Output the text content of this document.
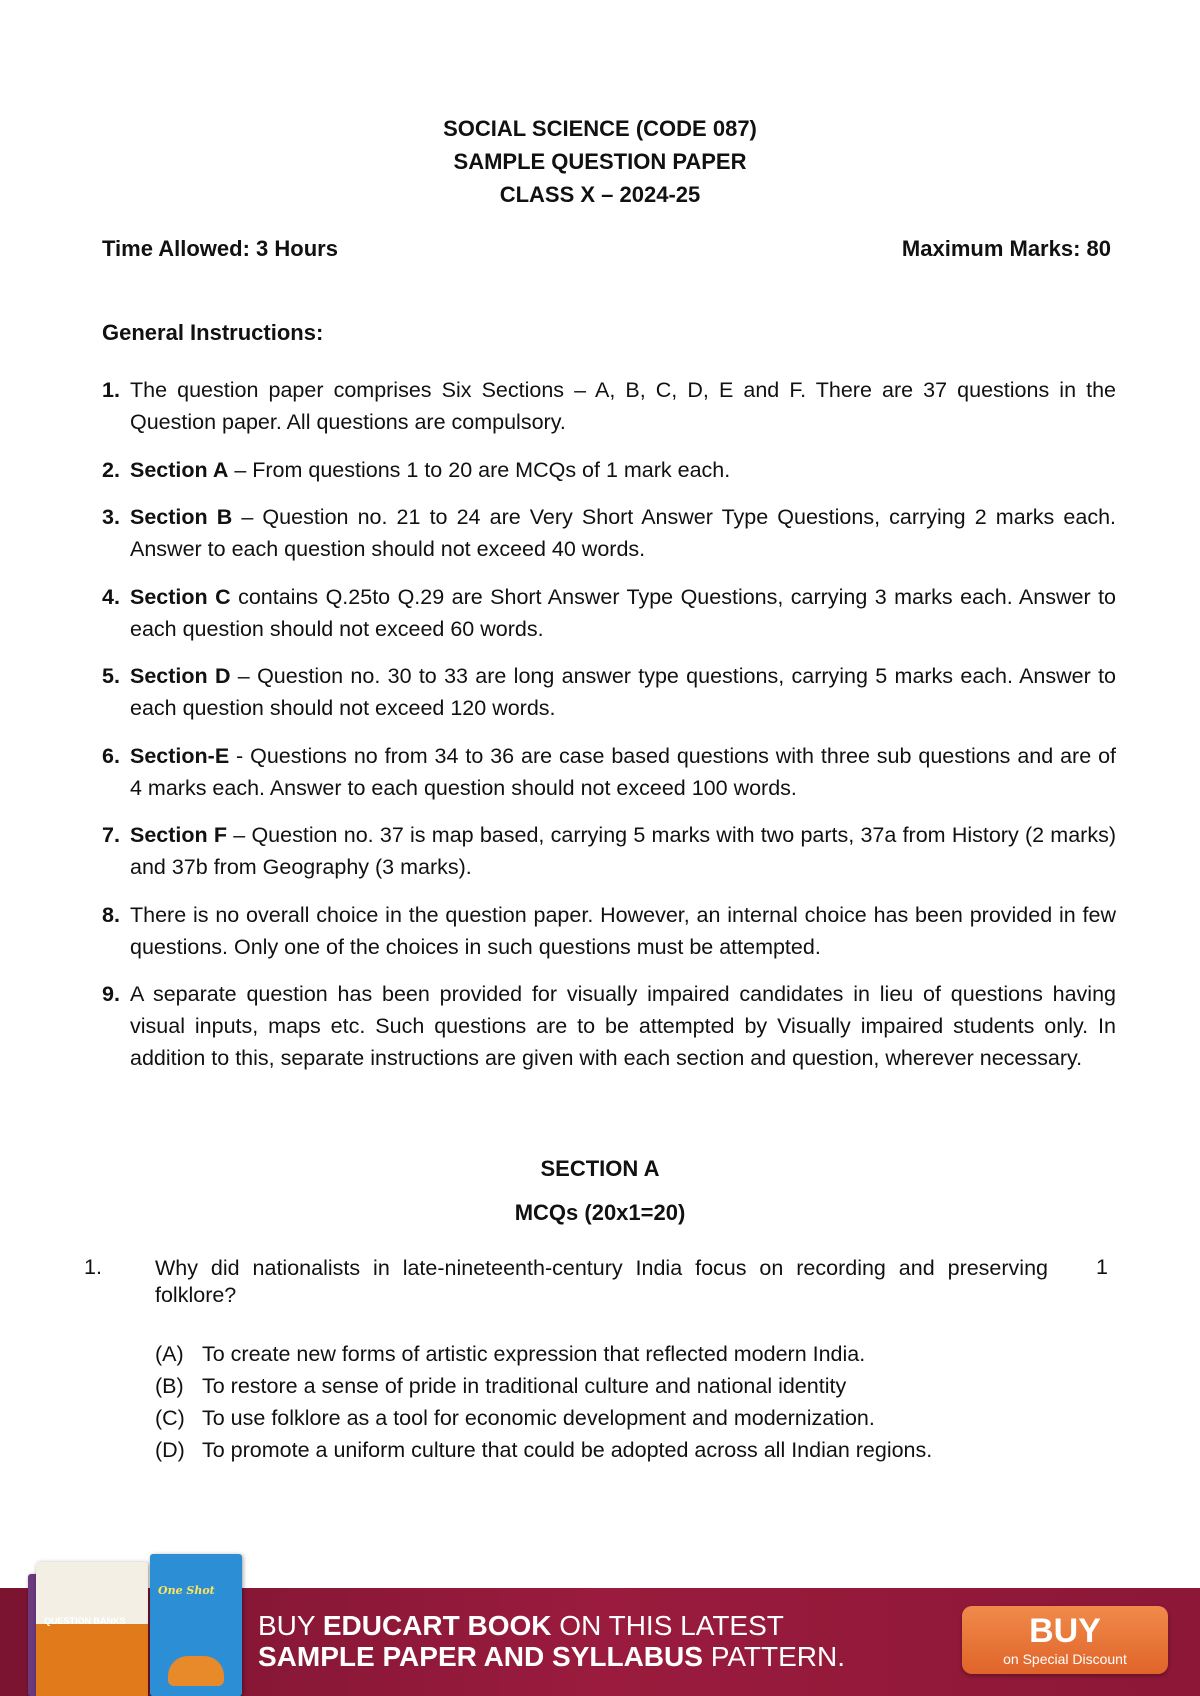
SOCIAL SCIENCE (CODE 087)
SAMPLE QUESTION PAPER
CLASS X – 2024-25
Time Allowed: 3 Hours	Maximum Marks: 80
General Instructions:
1. The question paper comprises Six Sections – A, B, C, D, E and F. There are 37 questions in the Question paper. All questions are compulsory.
2. Section A – From questions 1 to 20 are MCQs of 1 mark each.
3. Section B – Question no. 21 to 24 are Very Short Answer Type Questions, carrying 2 marks each. Answer to each question should not exceed 40 words.
4. Section C contains Q.25to Q.29 are Short Answer Type Questions, carrying 3 marks each. Answer to each question should not exceed 60 words.
5. Section D – Question no. 30 to 33 are long answer type questions, carrying 5 marks each. Answer to each question should not exceed 120 words.
6. Section-E - Questions no from 34 to 36 are case based questions with three sub questions and are of 4 marks each. Answer to each question should not exceed 100 words.
7. Section F – Question no. 37 is map based, carrying 5 marks with two parts, 37a from History (2 marks) and 37b from Geography (3 marks).
8. There is no overall choice in the question paper. However, an internal choice has been provided in few questions. Only one of the choices in such questions must be attempted.
9. A separate question has been provided for visually impaired candidates in lieu of questions having visual inputs, maps etc. Such questions are to be attempted by Visually impaired students only. In addition to this, separate instructions are given with each section and question, wherever necessary.
SECTION A
MCQs (20x1=20)
1. Why did nationalists in late-nineteenth-century India focus on recording and preserving folklore?
1
(A) To create new forms of artistic expression that reflected modern India.
(B) To restore a sense of pride in traditional culture and national identity
(C) To use folklore as a tool for economic development and modernization.
(D) To promote a uniform culture that could be adopted across all Indian regions.
QUESTION BANKS
One Shot
BUY EDUCART BOOK ON THIS LATEST
SAMPLE PAPER AND SYLLABUS PATTERN.
BUY
on Special Discount
